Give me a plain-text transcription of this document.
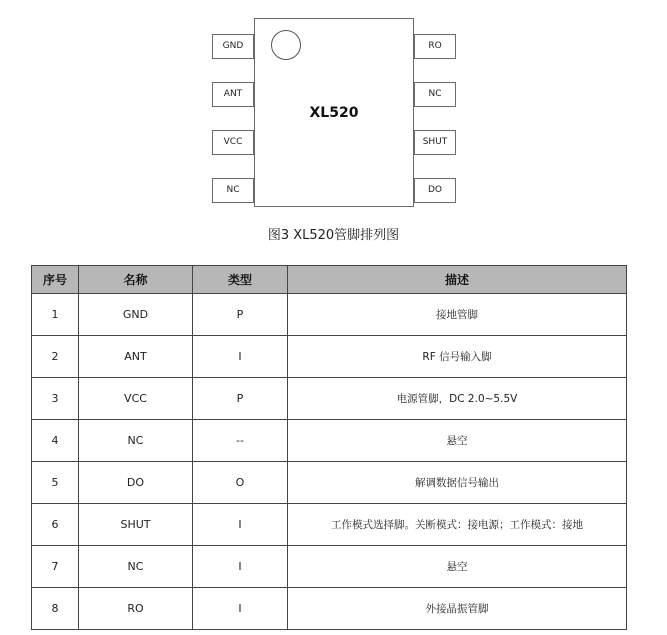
XL520
GND
ANT
VCC
NC
RO
NC
SHUT
DO
图3 XL520管脚排列图
序号	名称	类型	描述
1	GND	P	接地管脚
2	ANT	I	RF 信号输入脚
3	VCC	P	电源管脚，DC 2.0~5.5V
4	NC	--	悬空
5	DO	O	解调数据信号输出
6	SHUT	I	工作模式选择脚。关断模式：接电源；工作模式：接地
7	NC	I	悬空
8	RO	I	外接晶振管脚
